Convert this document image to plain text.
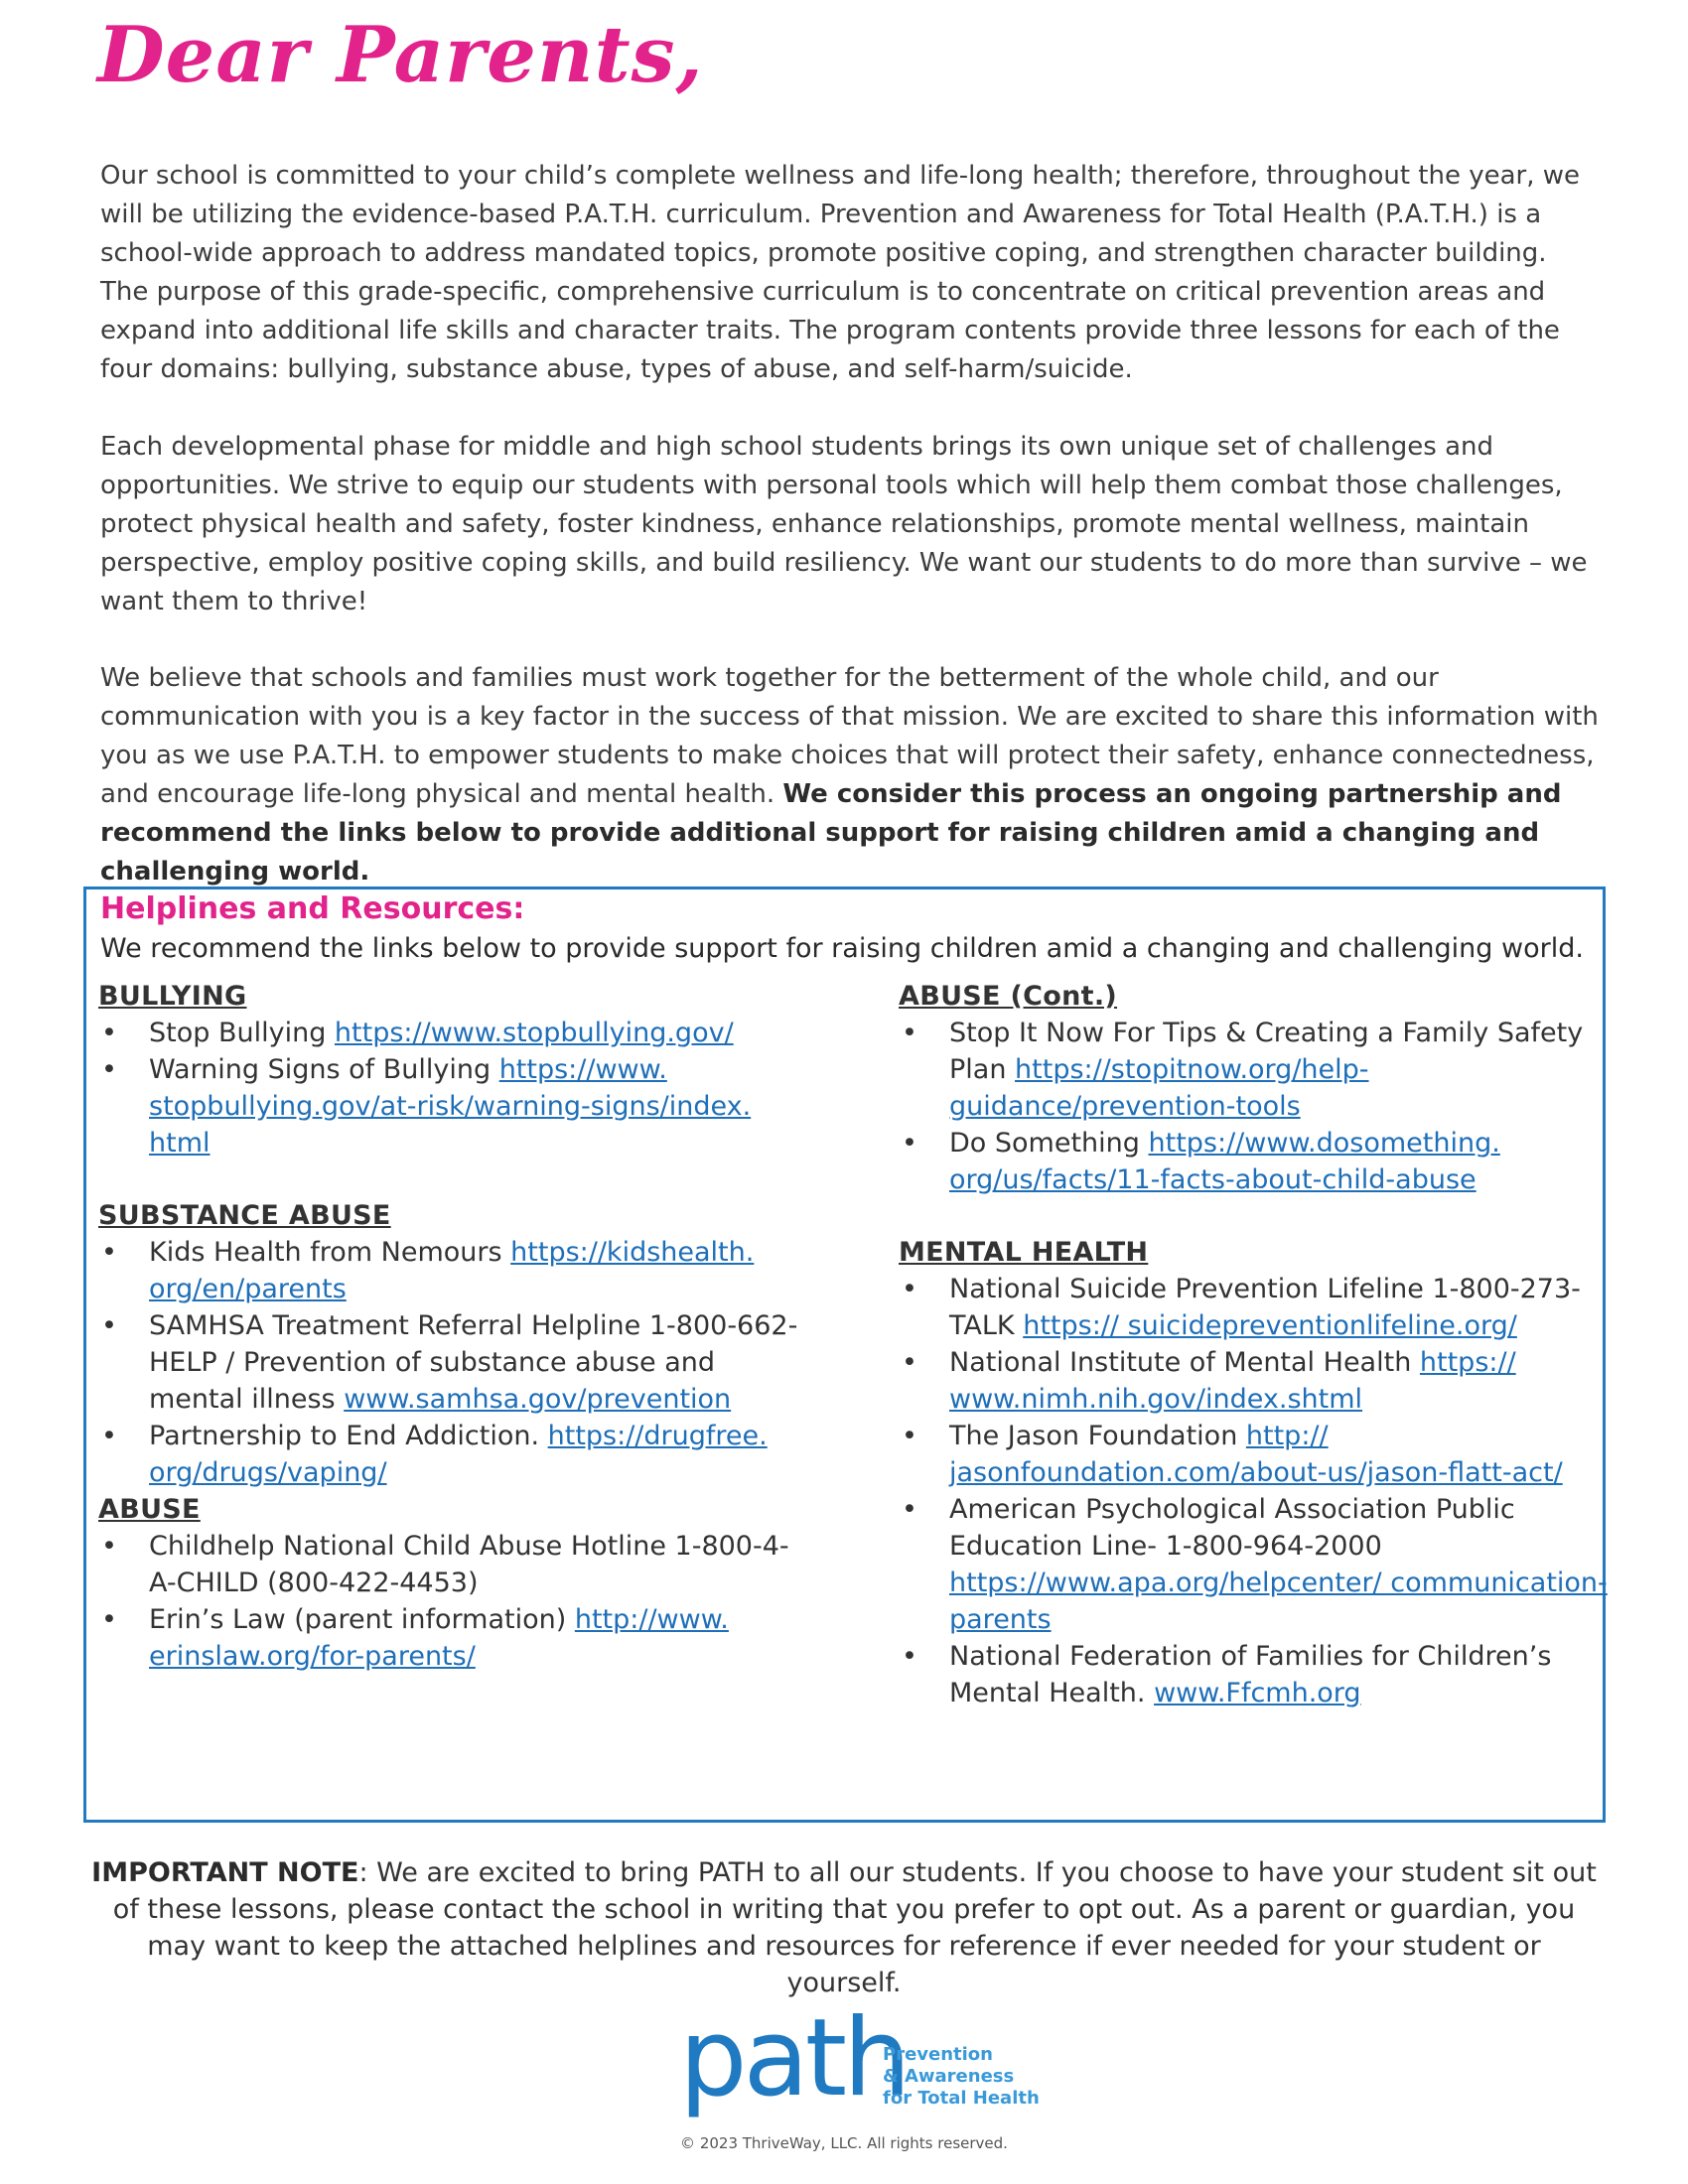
Dear Parents,

Our school is committed to your child’s complete wellness and life-long health; therefore, throughout the year, we will be utilizing the evidence-based P.A.T.H. curriculum. Prevention and Awareness for Total Health (P.A.T.H.) is a school-wide approach to address mandated topics, promote positive coping, and strengthen character building. The purpose of this grade-specific, comprehensive curriculum is to concentrate on critical prevention areas and expand into additional life skills and character traits. The program contents provide three lessons for each of the four domains: bullying, substance abuse, types of abuse, and self-harm/suicide.

Each developmental phase for middle and high school students brings its own unique set of challenges and opportunities. We strive to equip our students with personal tools which will help them combat those challenges, protect physical health and safety, foster kindness, enhance relationships, promote mental wellness, maintain perspective, employ positive coping skills, and build resiliency. We want our students to do more than survive – we want them to thrive!

We believe that schools and families must work together for the betterment of the whole child, and our communication with you is a key factor in the success of that mission. We are excited to share this information with you as we use P.A.T.H. to empower students to make choices that will protect their safety, enhance connectedness, and encourage life-long physical and mental health. We consider this process an ongoing partnership and recommend the links below to provide additional support for raising children amid a changing and challenging world.

Helplines and Resources:

We recommend the links below to provide support for raising children amid a changing and challenging world.

BULLYING
• Stop Bullying https://www.stopbullying.gov/
• Warning Signs of Bullying https://www. stopbullying.gov/at-risk/warning-signs/index. html
SUBSTANCE ABUSE
• Kids Health from Nemours https://kidshealth. org/en/parents
• SAMHSA Treatment Referral Helpline 1-800-662-HELP / Prevention of substance abuse and mental illness www.samhsa.gov/prevention
• Partnership to End Addiction. https://drugfree. org/drugs/vaping/
ABUSE
• Childhelp National Child Abuse Hotline 1-800-4-A-CHILD (800-422-4453)
• Erin’s Law (parent information) http://www. erinslaw.org/for-parents/
ABUSE (Cont.)
• Stop It Now For Tips & Creating a Family Safety Plan https://stopitnow.org/help-guidance/prevention-tools
• Do Something https://www.dosomething. org/us/facts/11-facts-about-child-abuse
MENTAL HEALTH
• National Suicide Prevention Lifeline 1-800-273-TALK https:// suicidepreventionlifeline.org/
• National Institute of Mental Health https:// www.nimh.nih.gov/index.shtml
• The Jason Foundation http:// jasonfoundation.com/about-us/jason-flatt-act/
• American Psychological Association Public Education Line- 1-800-964-2000 https://www.apa.org/helpcenter/ communication-parents
• National Federation of Families for Children’s Mental Health. www.Ffcmh.org

IMPORTANT NOTE: We are excited to bring PATH to all our students. If you choose to have your student sit out of these lessons, please contact the school in writing that you prefer to opt out. As a parent or guardian, you may want to keep the attached helplines and resources for reference if ever needed for your student or yourself.

path

Prevention
& Awareness
for Total Health

© 2023 ThriveWay, LLC. All rights reserved.
